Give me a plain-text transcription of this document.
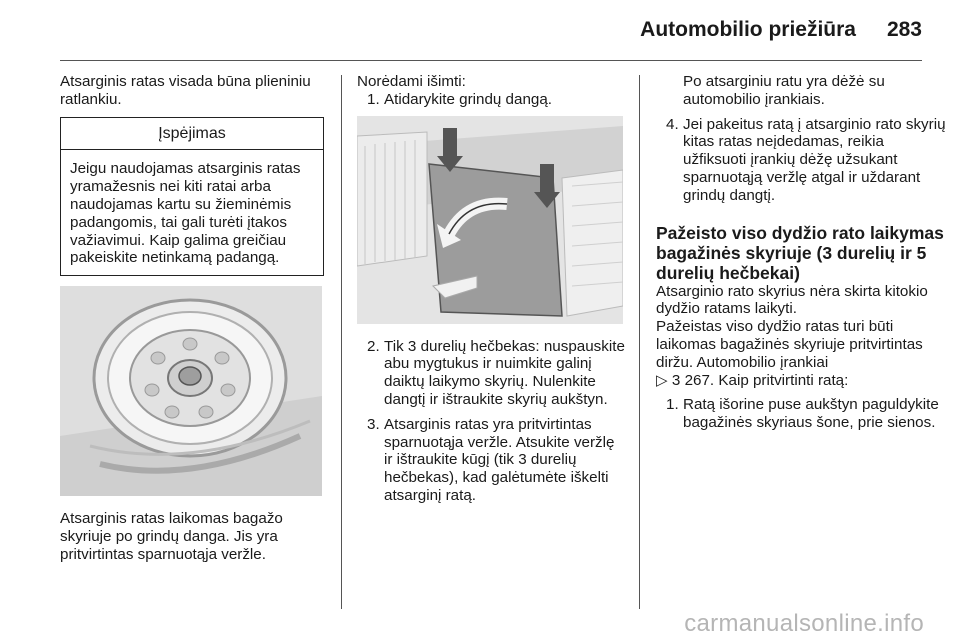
Automobilio priežiūra 283

Atsarginis ratas visada būna plieniniu ratlankiu.

Įspėjimas
Jeigu naudojamas atsarginis ratas yramažesnis nei kiti ratai arba naudojamas kartu su žieminėmis padangomis, tai gali turėti įtakos važiavimui. Kaip galima greičiau pakeiskite netinkamą padangą.

Atsarginis ratas laikomas bagažo skyriuje po grindų danga. Jis yra pritvirtintas sparnuotąja veržle.

Norėdami išimti:

1. Atidarykite grindų dangą.
2. Tik 3 durelių hečbekas: nuspauskite abu mygtukus ir nuimkite galinį daiktų laikymo skyrių. Nulenkite dangtį ir ištraukite skyrių aukštyn.
3. Atsarginis ratas yra pritvirtintas sparnuotąja veržle. Atsukite veržlę ir ištraukite kūgį (tik 3 durelių hečbekas), kad galėtumėte iškelti atsarginį ratą.

Po atsarginiu ratu yra dėžė su automobilio įrankiais.

4. Jei pakeitus ratą į atsarginio rato skyrių kitas ratas neįdedamas, reikia užfiksuoti įrankių dėžę užsukant sparnuotąją veržlę atgal ir uždarant grindų dangtį.
Pažeisto viso dydžio rato laikymas bagažinės skyriuje (3 durelių ir 5 durelių hečbekai)

Atsarginio rato skyrius nėra skirta kitokio dydžio ratams laikyti.

Pažeistas viso dydžio ratas turi būti laikomas bagažinės skyriuje pritvirtintas diržu. Automobilio įrankiai
▷ 3 267. Kaip pritvirtinti ratą:

1. Ratą išorine puse aukštyn paguldykite bagažinės skyriaus šone, prie sienos.
carmanualsonline.info
